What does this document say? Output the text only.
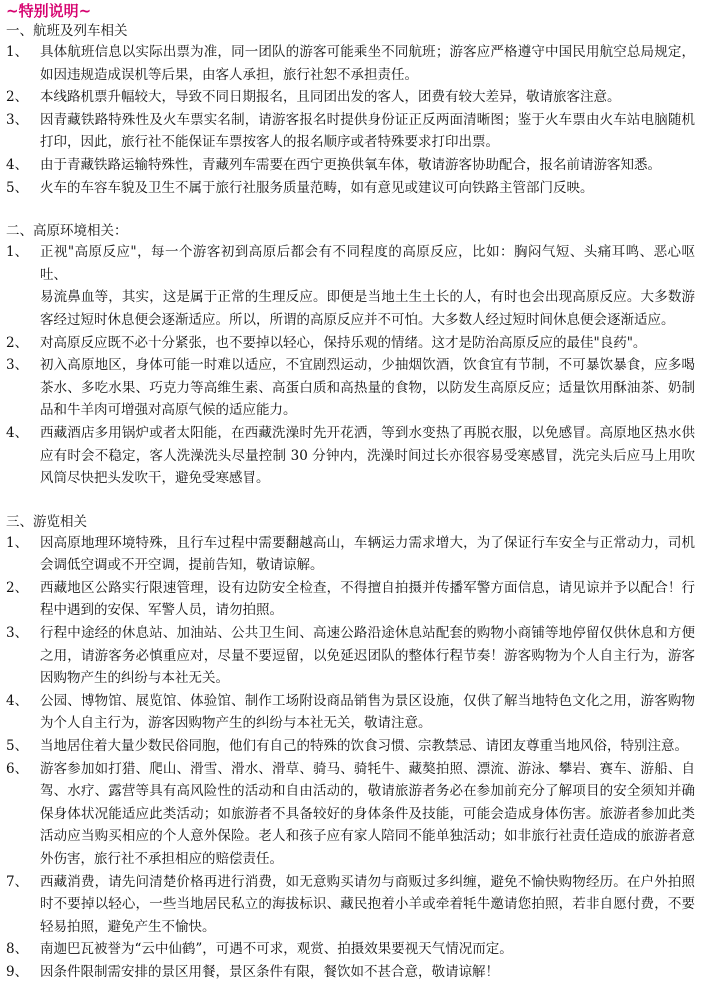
~特别说明~
一、航班及列车相关
1、 具体航班信息以实际出票为准，同一团队的游客可能乘坐不同航班；游客应严格遵守中国民用航空总局规定，如因违规造成误机等后果，由客人承担，旅行社恕不承担责任。
2、 本线路机票升幅较大，导致不同日期报名，且同团出发的客人，团费有较大差异，敬请旅客注意。
3、 因青藏铁路特殊性及火车票实名制，请游客报名时提供身份证正反两面清晰图；鉴于火车票由火车站电脑随机打印，因此，旅行社不能保证车票按客人的报名顺序或者特殊要求打印出票。
4、 由于青藏铁路运输特殊性，青藏列车需要在西宁更换供氧车体，敬请游客协助配合，报名前请游客知悉。
5、 火车的车容车貌及卫生不属于旅行社服务质量范畴，如有意见或建议可向铁路主管部门反映。
二、高原环境相关：
1、 正视"高原反应"，每一个游客初到高原后都会有不同程度的高原反应，比如：胸闷气短、头痛耳鸣、恶心呕吐、
易流鼻血等，其实，这是属于正常的生理反应。即便是当地土生土长的人，有时也会出现高原反应。大多数游客经过短时休息便会逐渐适应。所以，所谓的高原反应并不可怕。大多数人经过短时间休息便会逐渐适应。
2、 对高原反应既不必十分紧张，也不要掉以轻心，保持乐观的情绪。这才是防治高原反应的最佳"良药"。
3、 初入高原地区，身体可能一时难以适应，不宜剧烈运动，少抽烟饮酒，饮食宜有节制，不可暴饮暴食，应多喝茶水、多吃水果、巧克力等高维生素、高蛋白质和高热量的食物，以防发生高原反应；适量饮用酥油茶、奶制品和牛羊肉可增强对高原气候的适应能力。
4、 西藏酒店多用锅炉或者太阳能，在西藏洗澡时先开花洒，等到水变热了再脱衣服，以免感冒。高原地区热水供应有时会不稳定，客人洗澡洗头尽量控制 30 分钟内，洗澡时间过长亦很容易受寒感冒，洗完头后应马上用吹风筒尽快把头发吹干，避免受寒感冒。
三、游览相关
1、 因高原地理环境特殊，且行车过程中需要翻越高山，车辆运力需求增大，为了保证行车安全与正常动力，司机会调低空调或不开空调，提前告知，敬请谅解。
2、 西藏地区公路实行限速管理，设有边防安全检查，不得擅自拍摄并传播军警方面信息，请见谅并予以配合！行程中遇到的安保、军警人员，请勿拍照。
3、 行程中途经的休息站、加油站、公共卫生间、高速公路沿途休息站配套的购物小商铺等地停留仅供休息和方便之用，请游客务必慎重应对，尽量不要逗留，以免延迟团队的整体行程节奏！游客购物为个人自主行为，游客因购物产生的纠纷与本社无关。
4、 公园、博物馆、展览馆、体验馆、制作工场附设商品销售为景区设施，仅供了解当地特色文化之用，游客购物为个人自主行为，游客因购物产生的纠纷与本社无关，敬请注意。
5、 当地居住着大量少数民俗同胞，他们有自己的特殊的饮食习惯、宗教禁忌、请团友尊重当地风俗，特别注意。
6、 游客参加如打猎、爬山、滑雪、滑水、滑草、骑马、骑牦牛、藏獒拍照、漂流、游泳、攀岩、赛车、游船、自驾、水疗、露营等具有高风险性的活动和自由活动的，敬请旅游者务必在参加前充分了解项目的安全须知并确保身体状况能适应此类活动；如旅游者不具备较好的身体条件及技能，可能会造成身体伤害。旅游者参加此类活动应当购买相应的个人意外保险。老人和孩子应有家人陪同不能单独活动；如非旅行社责任造成的旅游者意外伤害，旅行社不承担相应的赔偿责任。
7、 西藏消费，请先问清楚价格再进行消费，如无意购买请勿与商贩过多纠缠，避免不愉快购物经历。在户外拍照时不要掉以轻心，一些当地居民私立的海拔标识、藏民抱着小羊或牵着牦牛邀请您拍照，若非自愿付费，不要轻易拍照，避免产生不愉快。
8、 南迦巴瓦被誉为“云中仙鹤”，可遇不可求，观赏、拍摄效果要视天气情况而定。
9、 因条件限制需安排的景区用餐，景区条件有限，餐饮如不甚合意，敬请谅解！
